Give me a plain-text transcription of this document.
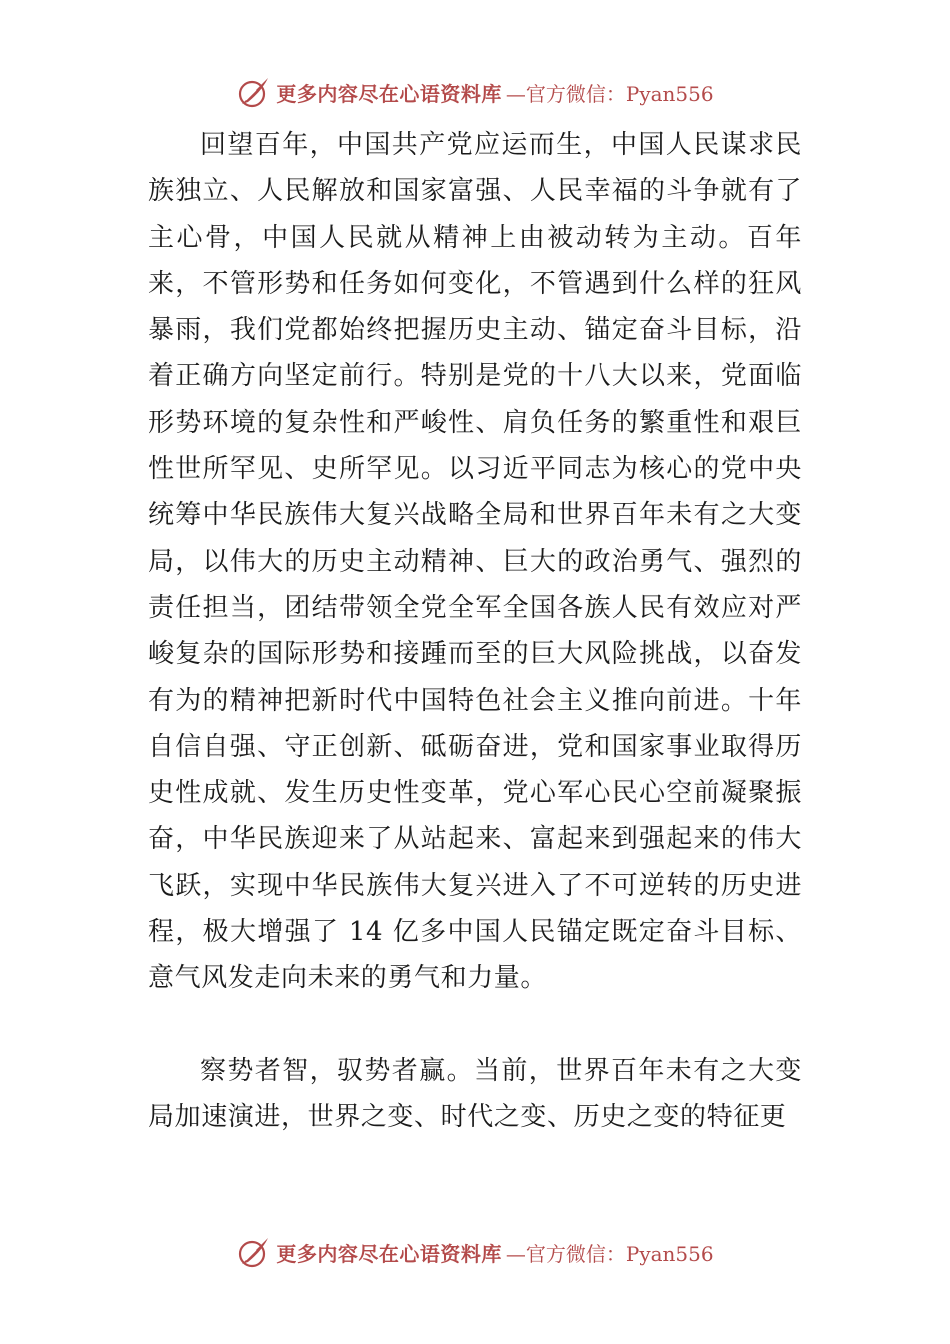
更多内容尽在心语资料库 —官方微信：Pyan556

回望百年，中国共产党应运而生，中国人民谋求民族独立、人民解放和国家富强、人民幸福的斗争就有了主心骨，中国人民就从精神上由被动转为主动。百年来，不管形势和任务如何变化，不管遇到什么样的狂风暴雨，我们党都始终把握历史主动、锚定奋斗目标，沿着正确方向坚定前行。特别是党的十八大以来，党面临形势环境的复杂性和严峻性、肩负任务的繁重性和艰巨性世所罕见、史所罕见。以习近平同志为核心的党中央统筹中华民族伟大复兴战略全局和世界百年未有之大变局，以伟大的历史主动精神、巨大的政治勇气、强烈的责任担当，团结带领全党全军全国各族人民有效应对严峻复杂的国际形势和接踵而至的巨大风险挑战，以奋发有为的精神把新时代中国特色社会主义推向前进。十年自信自强、守正创新、砥砺奋进，党和国家事业取得历史性成就、发生历史性变革，党心军心民心空前凝聚振奋，中华民族迎来了从站起来、富起来到强起来的伟大飞跃，实现中华民族伟大复兴进入了不可逆转的历史进程，极大增强了 14 亿多中国人民锚定既定奋斗目标、意气风发走向未来的勇气和力量。

察势者智，驭势者赢。当前，世界百年未有之大变局加速演进，世界之变、时代之变、历史之变的特征更

更多内容尽在心语资料库 —官方微信：Pyan556
